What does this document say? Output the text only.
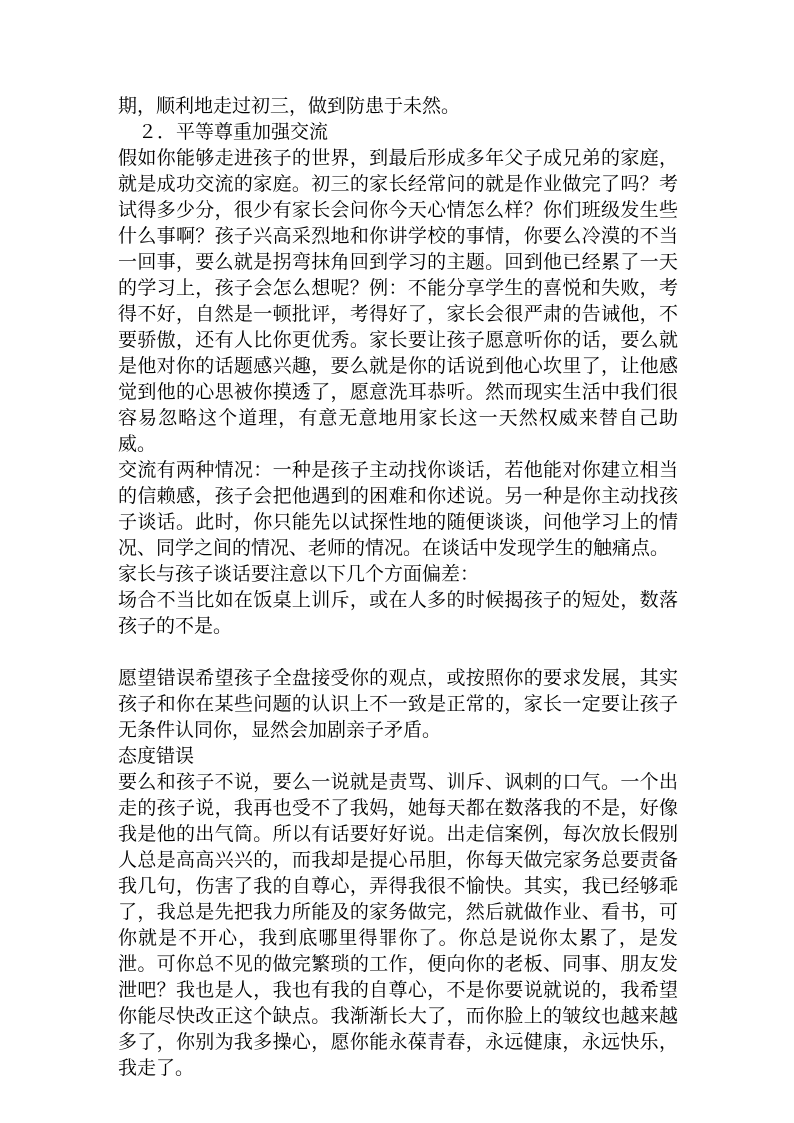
期，顺利地走过初三，做到防患于未然。

２．平等尊重加强交流

假如你能够走进孩子的世界，到最后形成多年父子成兄弟的家庭，就是成功交流的家庭。初三的家长经常问的就是作业做完了吗？考试得多少分，很少有家长会问你今天心情怎么样？你们班级发生些什么事啊？孩子兴高采烈地和你讲学校的事情，你要么冷漠的不当一回事，要么就是拐弯抹角回到学习的主题。回到他已经累了一天的学习上，孩子会怎么想呢？例：不能分享学生的喜悦和失败，考得不好，自然是一顿批评，考得好了，家长会很严肃的告诫他，不要骄傲，还有人比你更优秀。家长要让孩子愿意听你的话，要么就是他对你的话题感兴趣，要么就是你的话说到他心坎里了，让他感觉到他的心思被你摸透了，愿意洗耳恭听。然而现实生活中我们很容易忽略这个道理，有意无意地用家长这一天然权威来替自己助威。

交流有两种情况：一种是孩子主动找你谈话，若他能对你建立相当的信赖感，孩子会把他遇到的困难和你述说。另一种是你主动找孩子谈话。此时，你只能先以试探性地的随便谈谈，问他学习上的情况、同学之间的情况、老师的情况。在谈话中发现学生的触痛点。

家长与孩子谈话要注意以下几个方面偏差：

场合不当比如在饭桌上训斥，或在人多的时候揭孩子的短处，数落孩子的不是。

愿望错误希望孩子全盘接受你的观点，或按照你的要求发展，其实孩子和你在某些问题的认识上不一致是正常的，家长一定要让孩子无条件认同你，显然会加剧亲子矛盾。

态度错误

要么和孩子不说，要么一说就是责骂、训斥、讽刺的口气。一个出走的孩子说，我再也受不了我妈，她每天都在数落我的不是，好像我是他的出气筒。所以有话要好好说。出走信案例，每次放长假别人总是高高兴兴的，而我却是提心吊胆，你每天做完家务总要责备我几句，伤害了我的自尊心，弄得我很不愉快。其实，我已经够乖了，我总是先把我力所能及的家务做完，然后就做作业、看书，可你就是不开心，我到底哪里得罪你了。你总是说你太累了，是发泄。可你总不见的做完繁琐的工作，便向你的老板、同事、朋友发泄吧？我也是人，我也有我的自尊心，不是你要说就说的，我希望你能尽快改正这个缺点。我渐渐长大了，而你脸上的皱纹也越来越多了，你别为我多操心，愿你能永葆青春，永远健康，永远快乐，我走了。
